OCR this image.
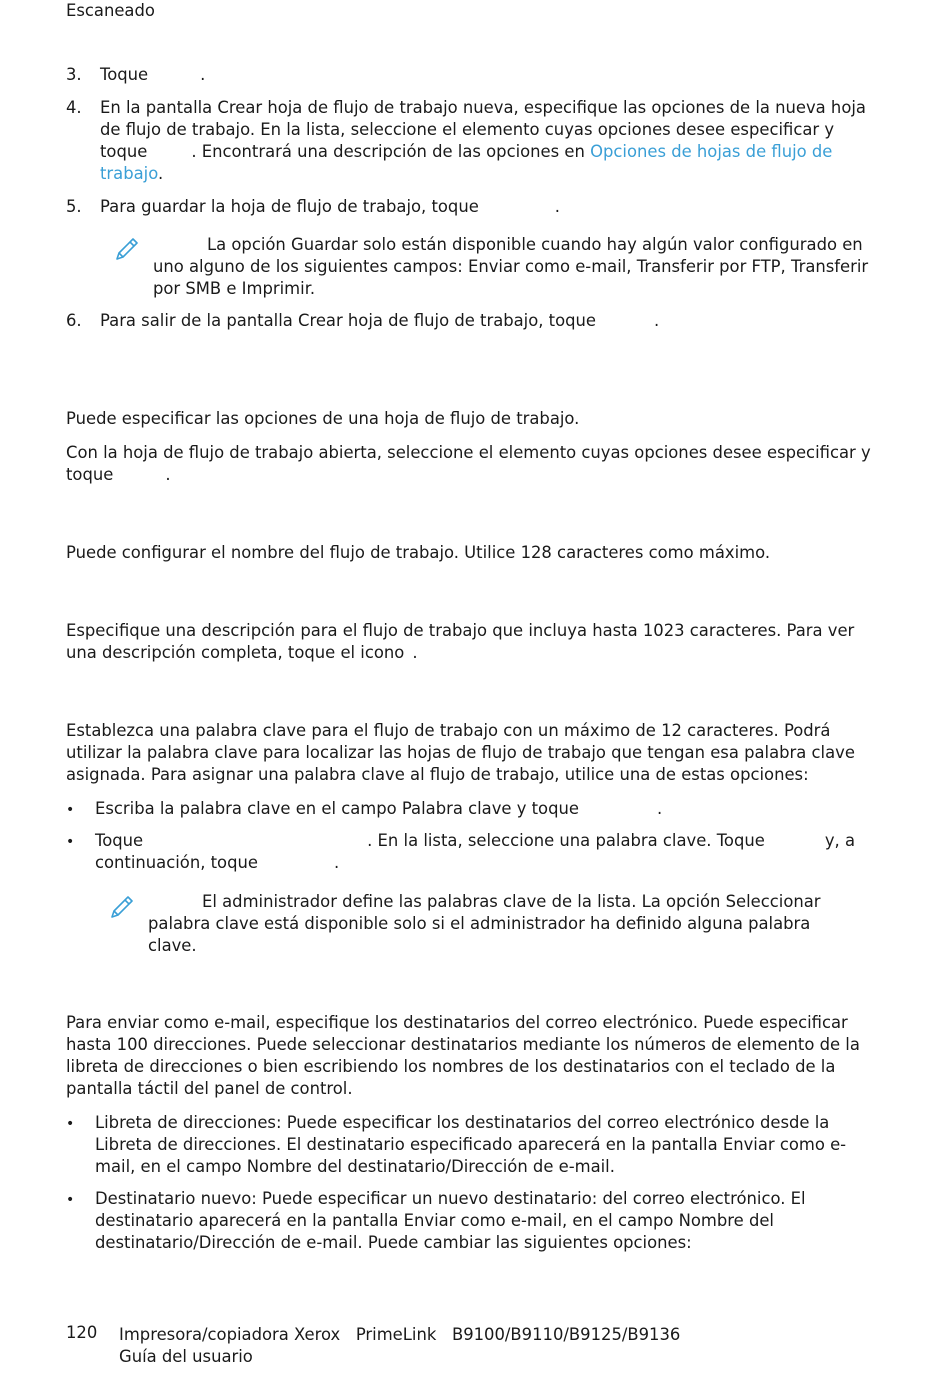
Escaneado
3. Toque	.
4. En la pantalla Crear hoja de flujo de trabajo nueva, especifique las opciones de la nueva hoja de flujo de trabajo. En la lista, seleccione el elemento cuyas opciones desee especificar y toque	. Encontrará una descripción de las opciones en Opciones de hojas de flujo de trabajo.
5. Para guardar la hoja de flujo de trabajo, toque	.
La opción Guardar solo están disponible cuando hay algún valor configurado en uno alguno de los siguientes campos: Enviar como e-mail, Transferir por FTP, Transferir por SMB e Imprimir.
6. Para salir de la pantalla Crear hoja de flujo de trabajo, toque	.
Puede especificar las opciones de una hoja de flujo de trabajo.
Con la hoja de flujo de trabajo abierta, seleccione el elemento cuyas opciones desee especificar y toque	.
Puede configurar el nombre del flujo de trabajo. Utilice 128 caracteres como máximo.
Especifique una descripción para el flujo de trabajo que incluya hasta 1023 caracteres. Para ver una descripción completa, toque el icono .
Establezca una palabra clave para el flujo de trabajo con un máximo de 12 caracteres. Podrá utilizar la palabra clave para localizar las hojas de flujo de trabajo que tengan esa palabra clave asignada. Para asignar una palabra clave al flujo de trabajo, utilice una de estas opciones:
• Escriba la palabra clave en el campo Palabra clave y toque	.
• Toque	. En la lista, seleccione una palabra clave. Toque	y, a continuación, toque	.
El administrador define las palabras clave de la lista. La opción Seleccionar palabra clave está disponible solo si el administrador ha definido alguna palabra clave.
Para enviar como e-mail, especifique los destinatarios del correo electrónico. Puede especificar hasta 100 direcciones. Puede seleccionar destinatarios mediante los números de elemento de la libreta de direcciones o bien escribiendo los nombres de los destinatarios con el teclado de la pantalla táctil del panel de control.
• Libreta de direcciones: Puede especificar los destinatarios del correo electrónico desde la Libreta de direcciones. El destinatario especificado aparecerá en la pantalla Enviar como e-mail, en el campo Nombre del destinatario/Dirección de e-mail.
• Destinatario nuevo: Puede especificar un nuevo destinatario: del correo electrónico. El destinatario aparecerá en la pantalla Enviar como e-mail, en el campo Nombre del destinatario/Dirección de e-mail. Puede cambiar las siguientes opciones:
120 Impresora/copiadora Xerox   PrimeLink   B9100/B9110/B9125/B9136
Guía del usuario
